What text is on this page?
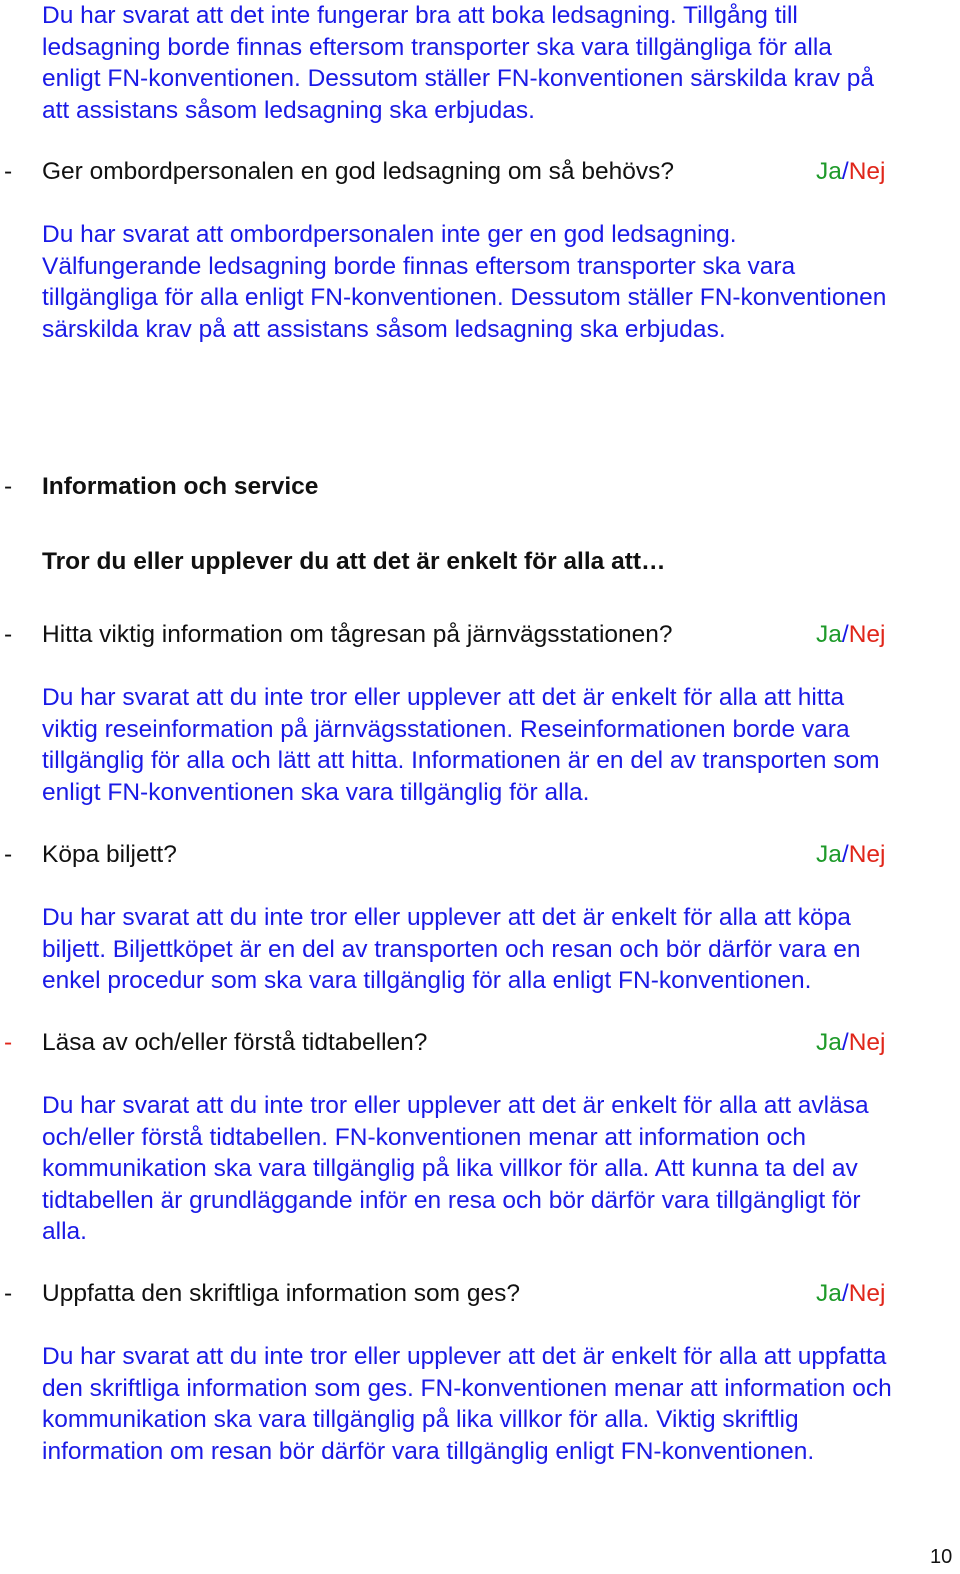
Du har svarat att det inte fungerar bra att boka ledsagning. Tillgång till
ledsagning borde finnas eftersom transporter ska vara tillgängliga för alla
enligt FN-konventionen. Dessutom ställer FN-konventionen särskilda krav på
att assistans såsom ledsagning ska erbjudas.
- Ger ombordpersonalen en god ledsagning om så behövs?	Ja/Nej
Du har svarat att ombordpersonalen inte ger en god ledsagning.
Välfungerande ledsagning borde finnas eftersom transporter ska vara
tillgängliga för alla enligt FN-konventionen. Dessutom ställer FN-konventionen
särskilda krav på att assistans såsom ledsagning ska erbjudas.
- Information och service
Tror du eller upplever du att det är enkelt för alla att…
- Hitta viktig information om tågresan på järnvägsstationen?	Ja/Nej
Du har svarat att du inte tror eller upplever att det är enkelt för alla att hitta
viktig reseinformation på järnvägsstationen. Reseinformationen borde vara
tillgänglig för alla och lätt att hitta. Informationen är en del av transporten som
enligt FN-konventionen ska vara tillgänglig för alla.
- Köpa biljett?	Ja/Nej
Du har svarat att du inte tror eller upplever att det är enkelt för alla att köpa
biljett. Biljettköpet är en del av transporten och resan och bör därför vara en
enkel procedur som ska vara tillgänglig för alla enligt FN-konventionen.
- Läsa av och/eller förstå tidtabellen?	Ja/Nej
Du har svarat att du inte tror eller upplever att det är enkelt för alla att avläsa
och/eller förstå tidtabellen. FN-konventionen menar att information och
kommunikation ska vara tillgänglig på lika villkor för alla. Att kunna ta del av
tidtabellen är grundläggande inför en resa och bör därför vara tillgängligt för
alla.
- Uppfatta den skriftliga information som ges?	Ja/Nej
Du har svarat att du inte tror eller upplever att det är enkelt för alla att uppfatta
den skriftliga information som ges. FN-konventionen menar att information och
kommunikation ska vara tillgänglig på lika villkor för alla. Viktig skriftlig
information om resan bör därför vara tillgänglig enligt FN-konventionen.
10
